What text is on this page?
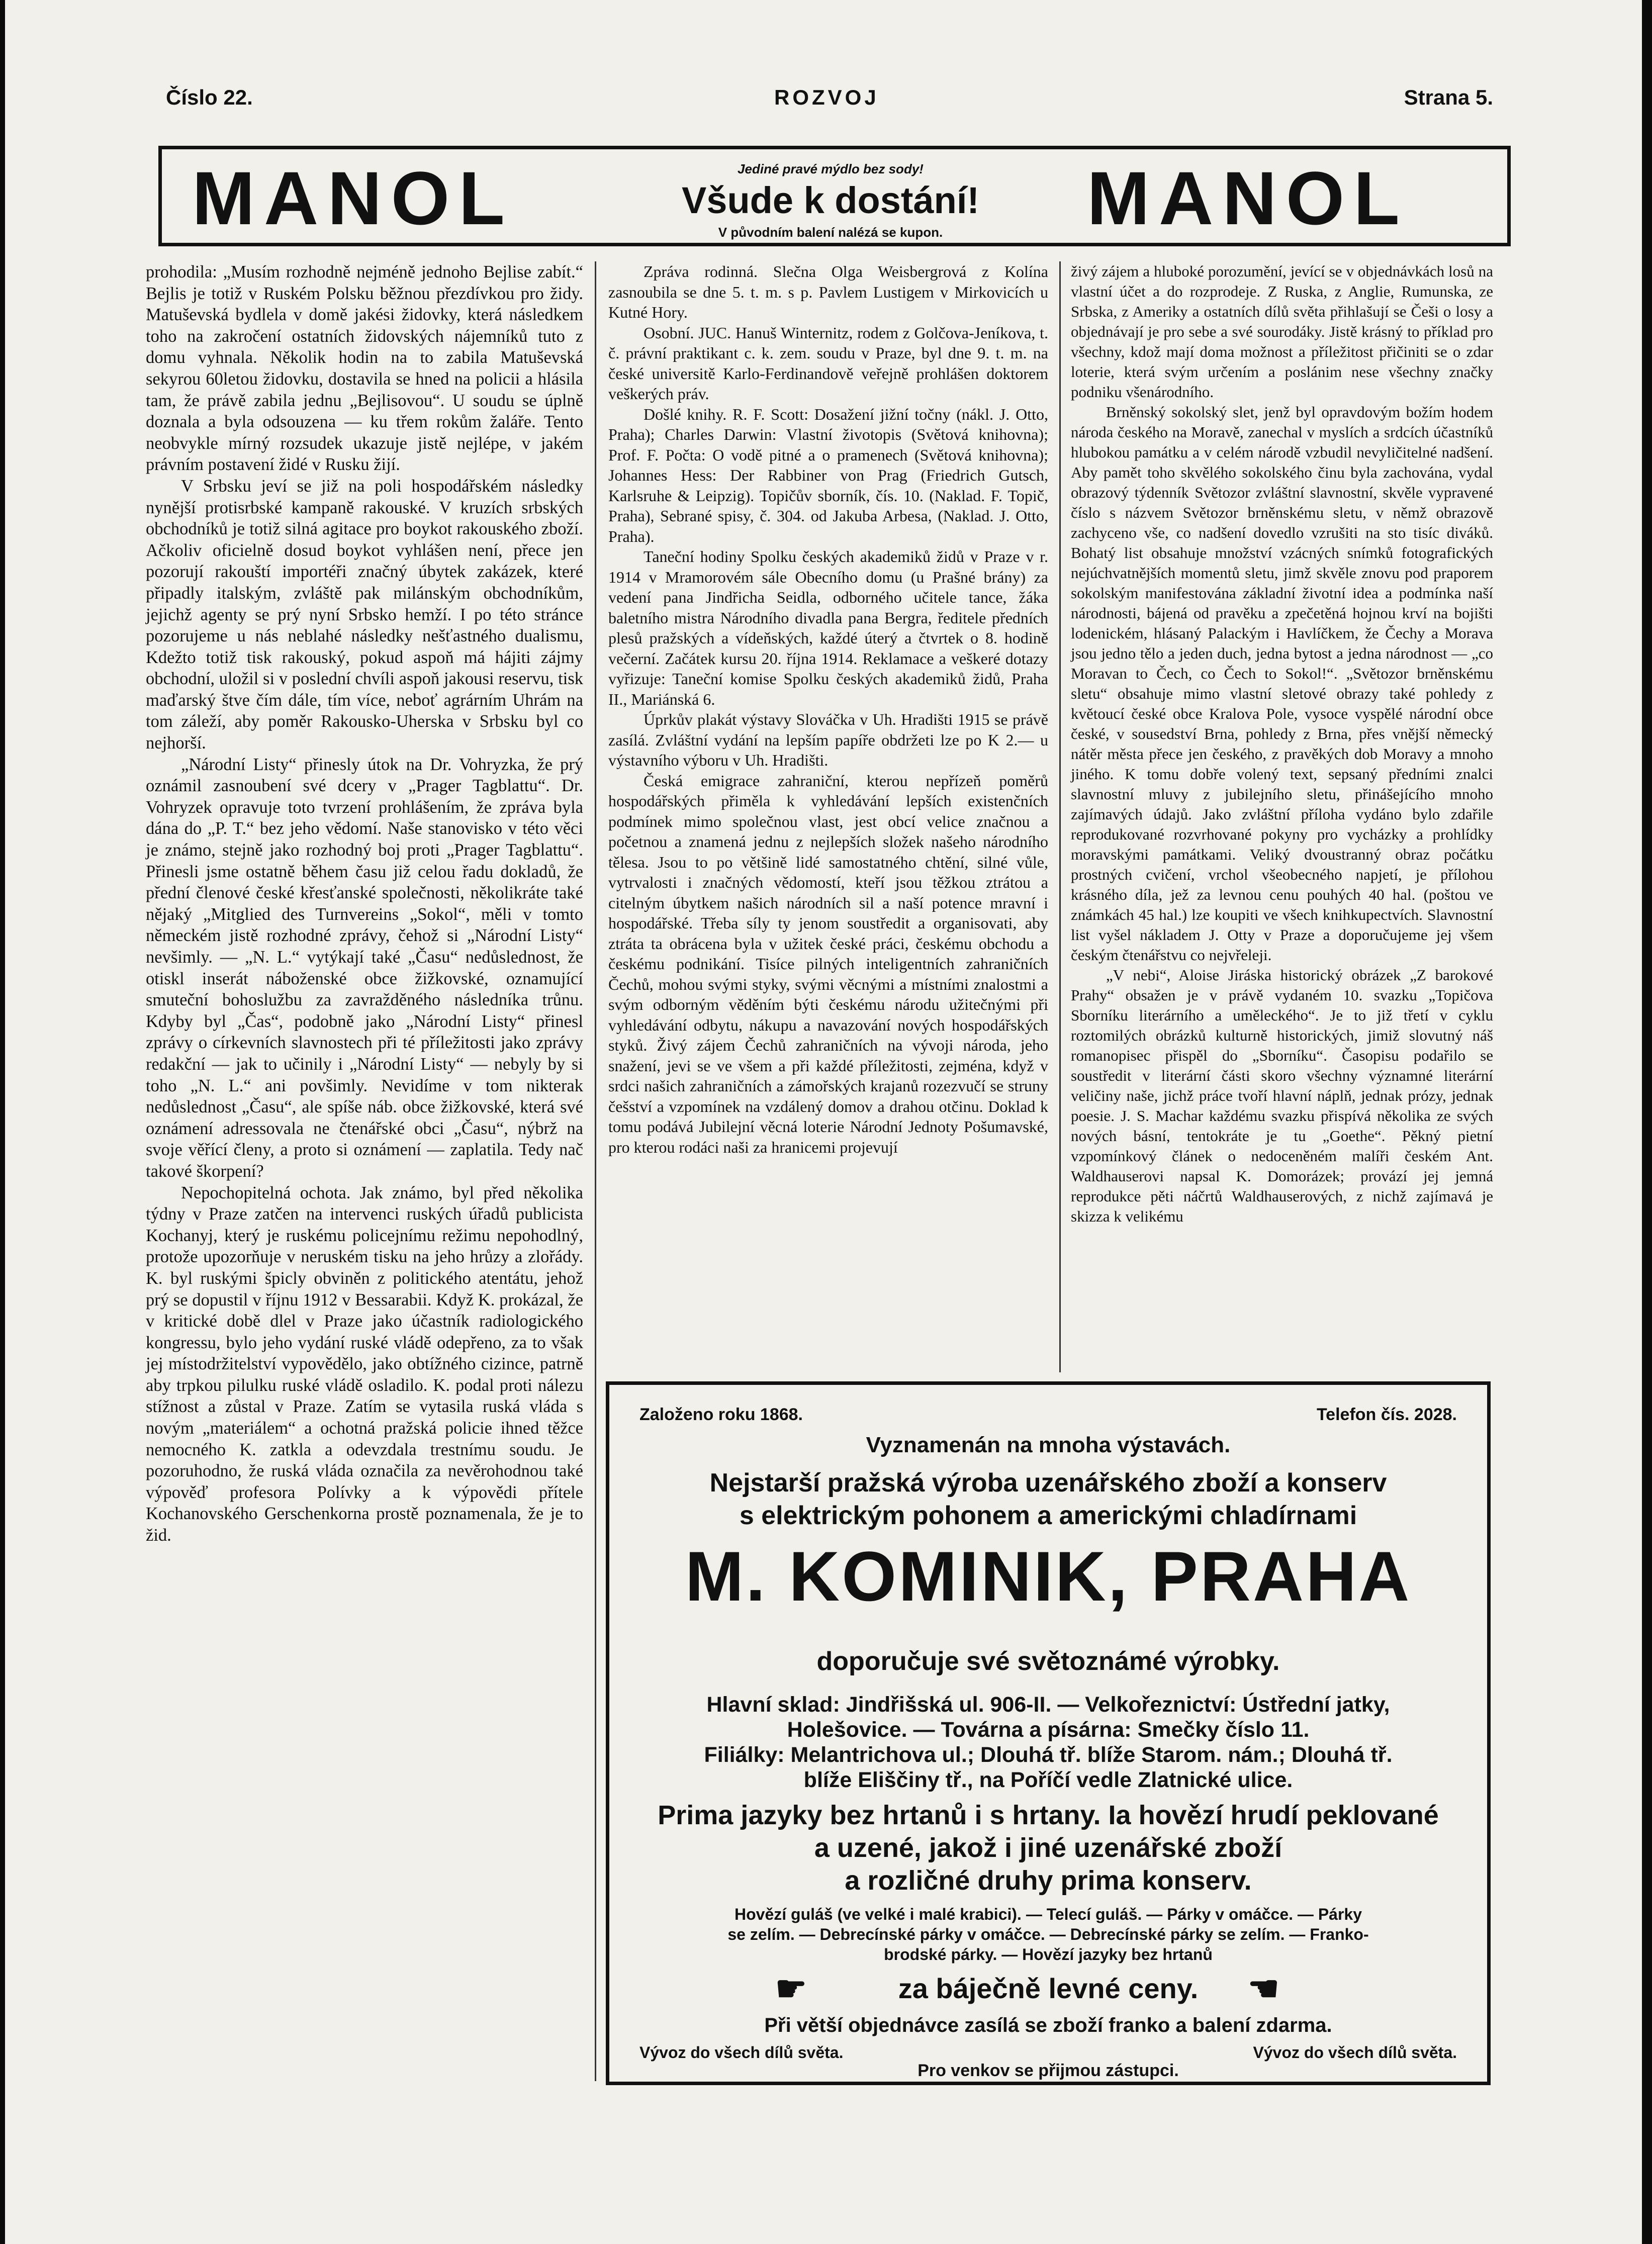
Číslo 22.	ROZVOJ	Strana 5.
MANOL	Jediné pravé mýdlo bez sody!
Všude k dostání!
V původním balení nalézá se kupon.	MANOL

prohodila: „Musím rozhodně nejméně jednoho Bejlise zabít.“ Bejlis je totiž v Ruském Polsku běžnou přezdívkou pro židy. Matuševská bydlela v domě jakési židovky, která následkem toho na zakročení ostatních židovských nájemníků tuto z domu vyhnala. Několik hodin na to zabila Matuševská sekyrou 60letou židovku, dostavila se hned na policii a hlásila tam, že právě zabila jednu „Bejlisovou“. U soudu se úplně doznala a byla odsouzena — ku třem rokům žaláře. Tento neobvykle mírný rozsudek ukazuje jistě nejlépe, v jakém právním postavení židé v Rusku žijí.

V Srbsku jeví se již na poli hospodářském následky nynější protisrbské kampaně rakouské. V kruzích srbských obchodníků je totiž silná agitace pro boykot rakouského zboží. Ačkoliv oficielně dosud boykot vyhlášen není, přece jen pozorují rakouští importéři značný úbytek zakázek, které připadly italským, zvláště pak milánským obchodníkům, jejichž agenty se prý nyní Srbsko hemží. I po této stránce pozorujeme u nás neblahé následky nešťastného dualismu, Kdežto totiž tisk rakouský, pokud aspoň má hájiti zájmy obchodní, uložil si v poslední chvíli aspoň jakousi reservu, tisk maďarský štve čím dále, tím více, neboť agrárním Uhrám na tom záleží, aby poměr Rakousko-Uherska v Srbsku byl co nejhorší.

„Národní Listy“ přinesly útok na Dr. Vohryzka, že prý oznámil zasnoubení své dcery v „Prager Tagblattu“. Dr. Vohryzek opravuje toto tvrzení prohlášením, že zpráva byla dána do „P. T.“ bez jeho vědomí. Naše stanovisko v této věci je známo, stejně jako rozhodný boj proti „Prager Tagblattu“. Přinesli jsme ostatně během času již celou řadu dokladů, že přední členové české křesťanské společnosti, několikráte také nějaký „Mitglied des Turnvereins „Sokol“, měli v tomto německém jistě rozhodné zprávy, čehož si „Národní Listy“ nevšimly. — „N. L.“ vytýkají také „Času“ nedůslednost, že otiskl inserát náboženské obce žižkovské, oznamující smuteční bohoslužbu za zavražděného následníka trůnu. Kdyby byl „Čas“, podobně jako „Národní Listy“ přinesl zprávy o církevních slavnostech při té příležitosti jako zprávy redakční — jak to učinily i „Národní Listy“ — nebyly by si toho „N. L.“ ani povšimly. Nevidíme v tom nikterak nedůslednost „Času“, ale spíše náb. obce žižkovské, která své oznámení adressovala ne čtenářské obci „Času“, nýbrž na svoje věřící členy, a proto si oznámení — zaplatila. Tedy nač takové škorpení?

Nepochopitelná ochota. Jak známo, byl před několika týdny v Praze zatčen na intervenci ruských úřadů publicista Kochanyj, který je ruskému policejnímu režimu nepohodlný, protože upozorňuje v neruském tisku na jeho hrůzy a zlořády. K. byl ruskými špicly obviněn z politického atentátu, jehož prý se dopustil v říjnu 1912 v Bessarabii. Když K. prokázal, že v kritické době dlel v Praze jako účastník radiologického kongressu, bylo jeho vydání ruské vládě odepřeno, za to však jej místodržitelství vypovědělo, jako obtížného cizince, patrně aby trpkou pilulku ruské vládě osladilo. K. podal proti nálezu stížnost a zůstal v Praze. Zatím se vytasila ruská vláda s novým „materiálem“ a ochotná pražská policie ihned těžce nemocného K. zatkla a odevzdala trestnímu soudu. Je pozoruhodno, že ruská vláda označila za nevěrohodnou také výpověď profesora Polívky a k výpovědi přítele Kochanovského Gerschenkorna prostě poznamenala, že je to žid.

Zpráva rodinná. Slečna Olga Weisbergrová z Kolína zasnoubila se dne 5. t. m. s p. Pavlem Lustigem v Mirkovicích u Kutné Hory.

Osobní. JUC. Hanuš Winternitz, rodem z Golčova-Jeníkova, t. č. právní praktikant c. k. zem. soudu v Praze, byl dne 9. t. m. na české universitě Karlo-Ferdinandově veřejně prohlášen doktorem veškerých práv.

Došlé knihy. R. F. Scott: Dosažení jižní točny (nákl. J. Otto, Praha); Charles Darwin: Vlastní životopis (Světová knihovna); Prof. F. Počta: O vodě pitné a o pramenech (Světová knihovna); Johannes Hess: Der Rabbiner von Prag (Friedrich Gutsch, Karlsruhe & Leipzig). Topičův sborník, čís. 10. (Naklad. F. Topič, Praha), Sebrané spisy, č. 304. od Jakuba Arbesa, (Naklad. J. Otto, Praha).

Taneční hodiny Spolku českých akademiků židů v Praze v r. 1914 v Mramorovém sále Obecního domu (u Prašné brány) za vedení pana Jindřicha Seidla, odborného učitele tance, žáka baletního mistra Národního divadla pana Bergra, ředitele předních plesů pražských a vídeňských, každé úterý a čtvrtek o 8. hodině večerní. Začátek kursu 20. října 1914. Reklamace a veškeré dotazy vyřizuje: Taneční komise Spolku českých akademiků židů, Praha II., Mariánská 6.

Úprkův plakát výstavy Slováčka v Uh. Hradišti 1915 se právě zasílá. Zvláštní vydání na lepším papíře obdržeti lze po K 2.— u výstavního výboru v Uh. Hradišti.

Česká emigrace zahraniční, kterou nepřízeň poměrů hospodářských přiměla k vyhledávání lepších existenčních podmínek mimo společnou vlast, jest obcí velice značnou a početnou a znamená jednu z nejlepších složek našeho národního tělesa. Jsou to po většině lidé samostatného chtění, silné vůle, vytrvalosti i značných vědomostí, kteří jsou těžkou ztrátou a citelným úbytkem našich národních sil a naší potence mravní i hospodářské. Třeba síly ty jenom soustředit a organisovati, aby ztráta ta obrácena byla v užitek české práci, českému obchodu a českému podnikání. Tisíce pilných inteligentních zahraničních Čechů, mohou svými styky, svými věcnými a místními znalostmi a svým odborným věděním býti českému národu užitečnými při vyhledávání odbytu, nákupu a navazování nových hospodářských styků. Živý zájem Čechů zahraničních na vývoji národa, jeho snažení, jevi se ve všem a při každé příležitosti, zejména, když v srdci našich zahraničních a zámořských krajanů rozezvučí se struny češství a vzpomínek na vzdálený domov a drahou otčinu. Doklad k tomu podává Jubilejní věcná loterie Národní Jednoty Pošumavské, pro kterou rodáci naši za hranicemi projevují

živý zájem a hluboké porozumění, jevící se v objednávkách losů na vlastní účet a do rozprodeje. Z Ruska, z Anglie, Rumunska, ze Srbska, z Ameriky a ostatních dílů světa přihlašují se Češi o losy a objednávají je pro sebe a své sourodáky. Jistě krásný to příklad pro všechny, kdož mají doma možnost a příležitost přičiniti se o zdar loterie, která svým určením a poslánim nese všechny značky podniku všenárodního.

Brněnský sokolský slet, jenž byl opravdovým božím hodem národa českého na Moravě, zanechal v myslích a srdcích účastníků hlubokou památku a v celém národě vzbudil nevyličitelné nadšení. Aby pamět toho skvělého sokolského činu byla zachována, vydal obrazový týdenník Světozor zvláštní slavnostní, skvěle vypravené číslo s názvem Světozor brněnskému sletu, v němž obrazově zachyceno vše, co nadšení dovedlo vzrušiti na sto tisíc diváků. Bohatý list obsahuje množství vzácných snímků fotografických nejúchvatnějších momentů sletu, jimž skvěle znovu pod praporem sokolským manifestována základní životní idea a podmínka naší národnosti, bájená od pravěku a zpečetěná hojnou krví na bojišti lodenickém, hlásaný Palackým i Havlíčkem, že Čechy a Morava jsou jedno tělo a jeden duch, jedna bytost a jedna národnost — „co Moravan to Čech, co Čech to Sokol!“. „Světozor brněnskému sletu“ obsahuje mimo vlastní sletové obrazy také pohledy z květoucí české obce Kralova Pole, vysoce vyspělé národní obce české, v sousedství Brna, pohledy z Brna, přes vnější německý nátěr města přece jen českého, z pravěkých dob Moravy a mnoho jiného. K tomu dobře volený text, sepsaný předními znalci slavnostní mluvy z jubilejního sletu, přinášejícího mnoho zajímavých údajů. Jako zvláštní příloha vydáno bylo zdařile reprodukované rozvrhované pokyny pro vycházky a prohlídky moravskými památkami. Veliký dvoustranný obraz počátku prostných cvičení, vrchol všeobecného napjetí, je přílohou krásného díla, jež za levnou cenu pouhých 40 hal. (poštou ve známkách 45 hal.) lze koupiti ve všech knihkupectvích. Slavnostní list vyšel nákladem J. Otty v Praze a doporučujeme jej všem českým čtenářstvu co nejvřeleji.

„V nebi“, Aloise Jiráska historický obrázek „Z barokové Prahy“ obsažen je v právě vydaném 10. svazku „Topičova Sborníku literárního a uměleckého“. Je to již třetí v cyklu roztomilých obrázků kulturně historických, jimiž slovutný náš romanopisec přispěl do „Sborníku“. Časopisu podařilo se soustředit v literární části skoro všechny významné literární veličiny naše, jichž práce tvoří hlavní náplň, jednak prózy, jednak poesie. J. S. Machar každému svazku přispívá několika ze svých nových básní, tentokráte je tu „Goethe“. Pěkný pietní vzpomínkový článek o nedoceněném malíři českém Ant. Waldhauserovi napsal K. Domorázek; provází jej jemná reprodukce pěti náčrtů Waldhauserových, z nichž zajímavá je skizza k velikému

Založeno roku 1868.	Telefon čís. 2028.
Vyznamenán na mnoha výstavách.
Nejstarší pražská výroba uzenářského zboží a konserv
s elektrickým pohonem a americkými chladírnami
M. KOMINIK, PRAHA
doporučuje své světoznámé výrobky.
Hlavní sklad: Jindřišská ul. 906-II. — Velkořeznictví: Ústřední jatky,
Holešovice. — Továrna a písárna: Smečky číslo 11.
Filiálky: Melantrichova ul.; Dlouhá tř. blíže Starom. nám.; Dlouhá tř.
blíže Eliščiny tř., na Poříčí vedle Zlatnické ulice.
Prima jazyky bez hrtanů i s hrtany. Ia hovězí hrudí peklované
a uzené, jakož i jiné uzenářské zboží
a rozličné druhy prima konserv.
Hovězí guláš (ve velké i malé krabici). — Telecí guláš. — Párky v omáčce. — Párky
se zelím. — Debrecínské párky v omáčce. — Debrecínské párky se zelím. — Franko-
brodské párky. — Hovězí jazyky bez hrtanů
☛	za báječně levné ceny.	☚
Při větší objednávce zasílá se zboží franko a balení zdarma.
Vývoz do všech dílů světa.	Vývoz do všech dílů světa.
Pro venkov se přijmou zástupci.
